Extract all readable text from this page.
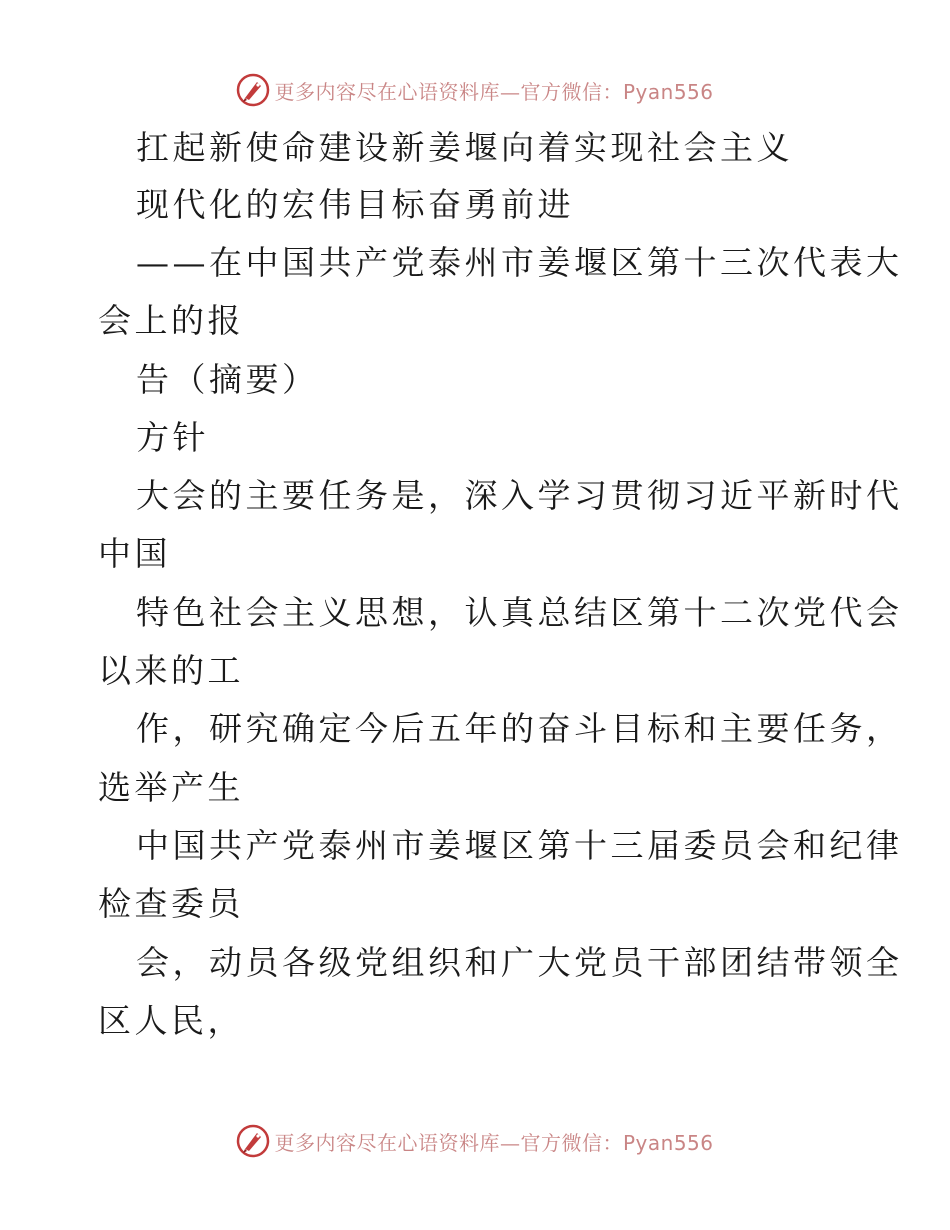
更多内容尽在心语资料库—官方微信：Pyan556
扛起新使命建设新姜堰向着实现社会主义
现代化的宏伟目标奋勇前进
——在中国共产党泰州市姜堰区第十三次代表大
会上的报
告（摘要）
方针
大会的主要任务是，深入学习贯彻习近平新时代
中国
特色社会主义思想，认真总结区第十二次党代会
以来的工
作，研究确定今后五年的奋斗目标和主要任务，
选举产生
中国共产党泰州市姜堰区第十三届委员会和纪律
检查委员
会，动员各级党组织和广大党员干部团结带领全
区人民，
更多内容尽在心语资料库—官方微信：Pyan556
